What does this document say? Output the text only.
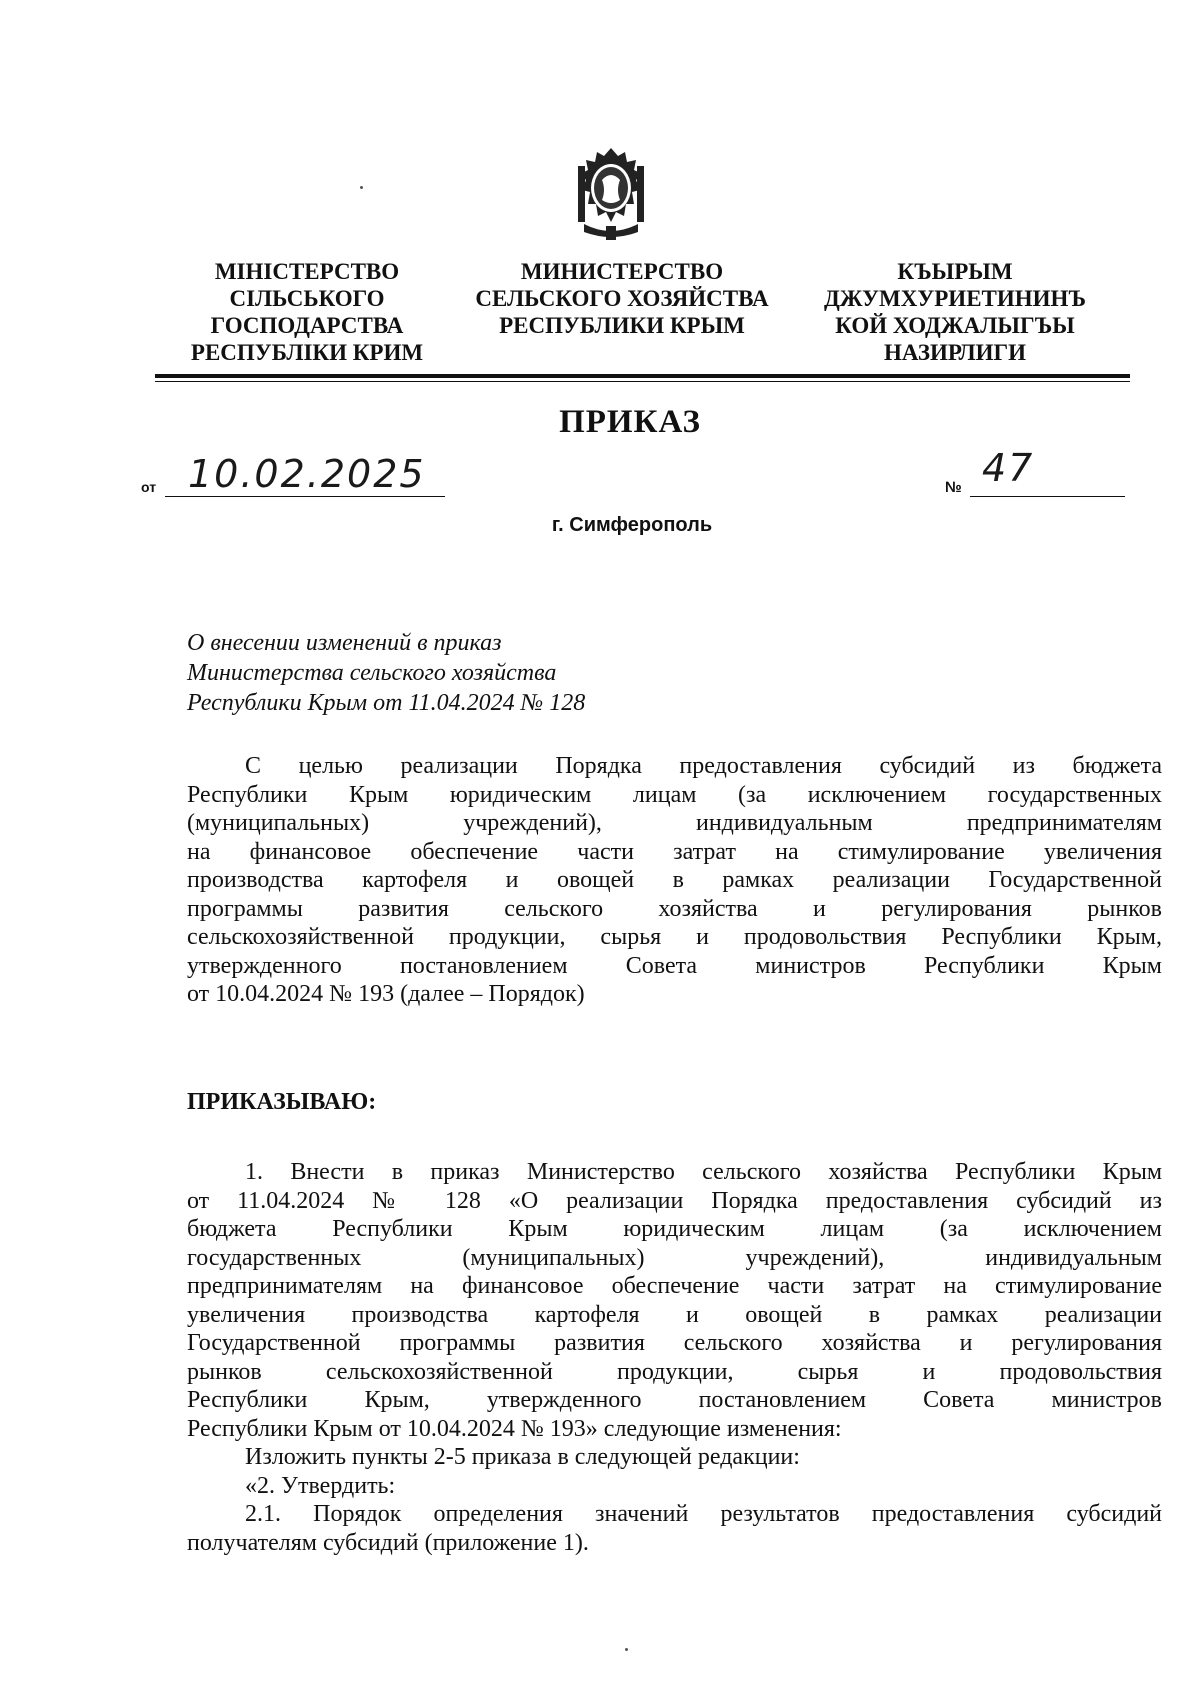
МІНІСТЕРСТВО
СІЛЬСЬКОГО
ГОСПОДАРСТВА
РЕСПУБЛІКИ КРИМ
МИНИСТЕРСТВО
СЕЛЬСКОГО ХОЗЯЙСТВА
РЕСПУБЛИКИ КРЫМ
КЪЫРЫМ
ДЖУМХУРИЕТИНИНЪ
КОЙ ХОДЖАЛЫГЪЫ
НАЗИРЛИГИ
ПРИКАЗ
от 10.02.2025	№ 47
г. Симферополь
О внесении изменений в приказ
Министерства сельского хозяйства
Республики Крым от 11.04.2024 № 128
С целью реализации Порядка предоставления субсидий из бюджета
Республики Крым юридическим лицам (за исключением государственных
(муниципальных) учреждений), индивидуальным предпринимателям
на финансовое обеспечение части затрат на стимулирование увеличения
производства картофеля и овощей в рамках реализации Государственной
программы развития сельского хозяйства и регулирования рынков
сельскохозяйственной продукции, сырья и продовольствия Республики Крым,
утвержденного постановлением Совета министров Республики Крым
от 10.04.2024 № 193 (далее – Порядок)
ПРИКАЗЫВАЮ:
1. Внести в приказ Министерство сельского хозяйства Республики Крым
от 11.04.2024 № 128 «О реализации Порядка предоставления субсидий из
бюджета Республики Крым юридическим лицам (за исключением
государственных (муниципальных) учреждений), индивидуальным
предпринимателям на финансовое обеспечение части затрат на стимулирование
увеличения производства картофеля и овощей в рамках реализации
Государственной программы развития сельского хозяйства и регулирования
рынков сельскохозяйственной продукции, сырья и продовольствия
Республики Крым, утвержденного постановлением Совета министров
Республики Крым от 10.04.2024 № 193» следующие изменения:
Изложить пункты 2-5 приказа в следующей редакции:
«2. Утвердить:
2.1. Порядок определения значений результатов предоставления субсидий
получателям субсидий (приложение 1).
